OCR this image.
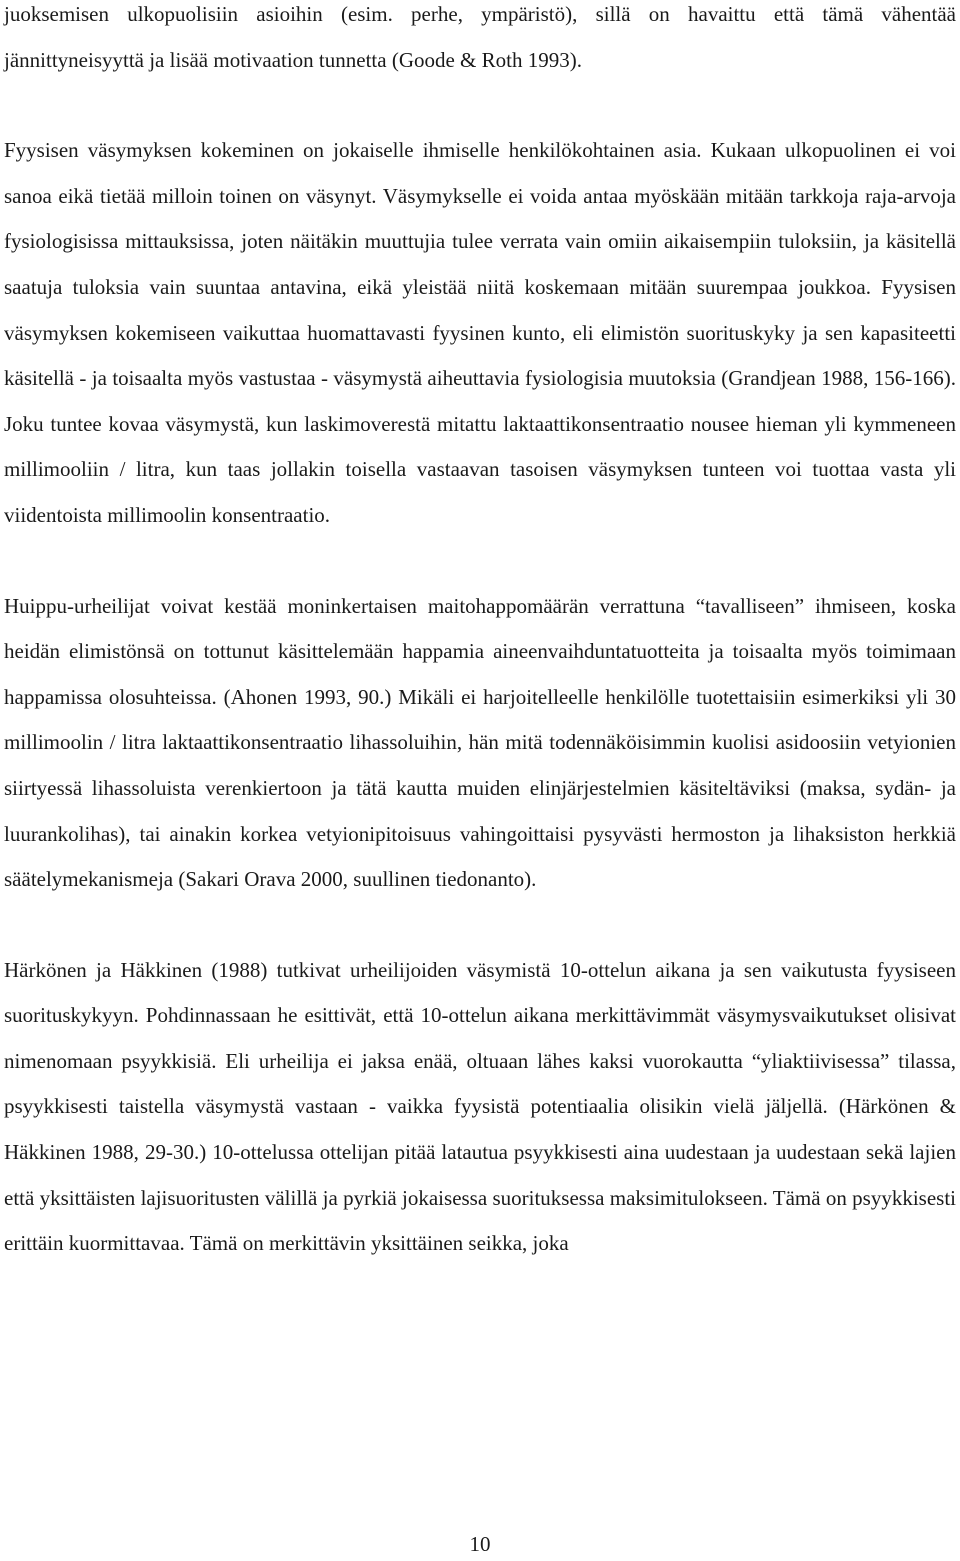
juoksemisen ulkopuolisiin asioihin (esim. perhe, ympäristö), sillä on havaittu että tämä vähentää jännittyneisyyttä ja lisää motivaation tunnetta (Goode & Roth 1993).

Fyysisen väsymyksen kokeminen on jokaiselle ihmiselle henkilökohtainen asia. Kukaan ulkopuolinen ei voi sanoa eikä tietää milloin toinen on väsynyt. Väsymykselle ei voida antaa myöskään mitään tarkkoja raja-arvoja fysiologisissa mittauksissa, joten näitäkin muuttujia tulee verrata vain omiin aikaisempiin tuloksiin, ja käsitellä saatuja tuloksia vain suuntaa antavina, eikä yleistää niitä koskemaan mitään suurempaa joukkoa. Fyysisen väsymyksen kokemiseen vaikuttaa huomattavasti fyysinen kunto, eli elimistön suorituskyky ja sen kapasiteetti käsitellä - ja toisaalta myös vastustaa - väsymystä aiheuttavia fysiologisia muutoksia (Grandjean 1988, 156-166). Joku tuntee kovaa väsymystä, kun laskimoverestä mitattu laktaattikonsentraatio nousee hieman yli kymmeneen millimooliin / litra, kun taas jollakin toisella vastaavan tasoisen väsymyksen tunteen voi tuottaa vasta yli viidentoista millimoolin konsentraatio.

Huippu-urheilijat voivat kestää moninkertaisen maitohappomäärän verrattuna “tavalliseen” ihmiseen, koska heidän elimistönsä on tottunut käsittelemään happamia aineenvaihduntatuotteita ja toisaalta myös toimimaan happamissa olosuhteissa. (Ahonen 1993, 90.) Mikäli ei harjoitelleelle henkilölle tuotettaisiin esimerkiksi yli 30 millimoolin / litra laktaattikonsentraatio lihassoluihin, hän mitä todennäköisimmin kuolisi asidoosiin vetyionien siirtyessä lihassoluista verenkiertoon ja tätä kautta muiden elinjärjestelmien käsiteltäviksi (maksa, sydän- ja luurankolihas), tai ainakin korkea vetyionipitoisuus vahingoittaisi pysyvästi hermoston ja lihaksiston herkkiä säätelymekanismeja (Sakari Orava 2000, suullinen tiedonanto).

Härkönen ja Häkkinen (1988) tutkivat urheilijoiden väsymistä 10-ottelun aikana ja sen vaikutusta fyysiseen suorituskykyyn. Pohdinnassaan he esittivät, että 10-ottelun aikana merkittävimmät väsymysvaikutukset olisivat nimenomaan psyykkisiä. Eli urheilija ei jaksa enää, oltuaan lähes kaksi vuorokautta “yliaktiivisessa” tilassa, psyykkisesti taistella väsymystä vastaan - vaikka fyysistä potentiaalia olisikin vielä jäljellä. (Härkönen & Häkkinen 1988, 29-30.) 10-ottelussa ottelijan pitää latautua psyykkisesti aina uudestaan ja uudestaan sekä lajien että yksittäisten lajisuoritusten välillä ja pyrkiä jokaisessa suorituksessa maksimitulokseen. Tämä on psyykkisesti erittäin kuormittavaa. Tämä on merkittävin yksittäinen seikka, joka

10
